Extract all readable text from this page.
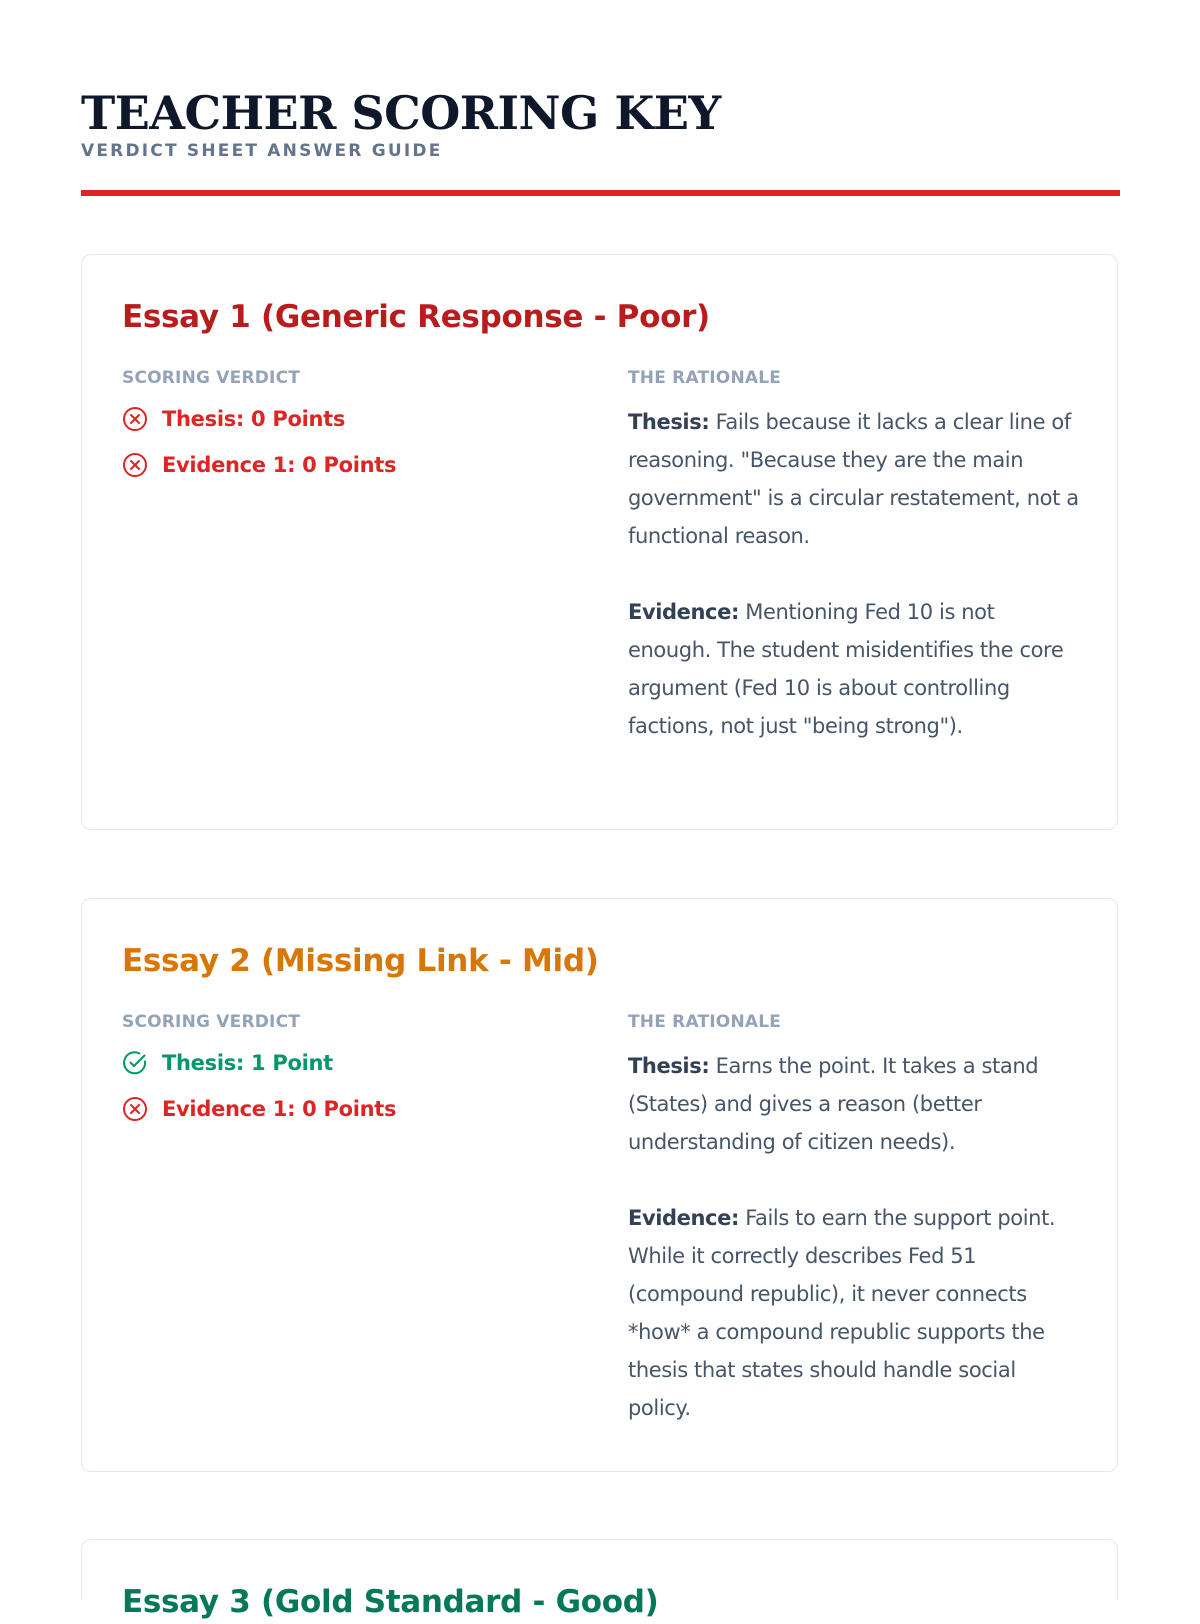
TEACHER SCORING KEY
VERDICT SHEET ANSWER GUIDE
Essay 1 (Generic Response - Poor)
SCORING VERDICT
Thesis: 0 Points
Evidence 1: 0 Points
THE RATIONALE

Thesis: Fails because it lacks a clear line of reasoning. "Because they are the main government" is a circular restatement, not a functional reason.

Evidence: Mentioning Fed 10 is not enough. The student misidentifies the core argument (Fed 10 is about controlling factions, not just "being strong").

Essay 2 (Missing Link - Mid)
SCORING VERDICT
Thesis: 1 Point
Evidence 1: 0 Points
THE RATIONALE

Thesis: Earns the point. It takes a stand (States) and gives a reason (better understanding of citizen needs).

Evidence: Fails to earn the support point. While it correctly describes Fed 51 (compound republic), it never connects *how* a compound republic supports the thesis that states should handle social policy.

Essay 3 (Gold Standard - Good)
